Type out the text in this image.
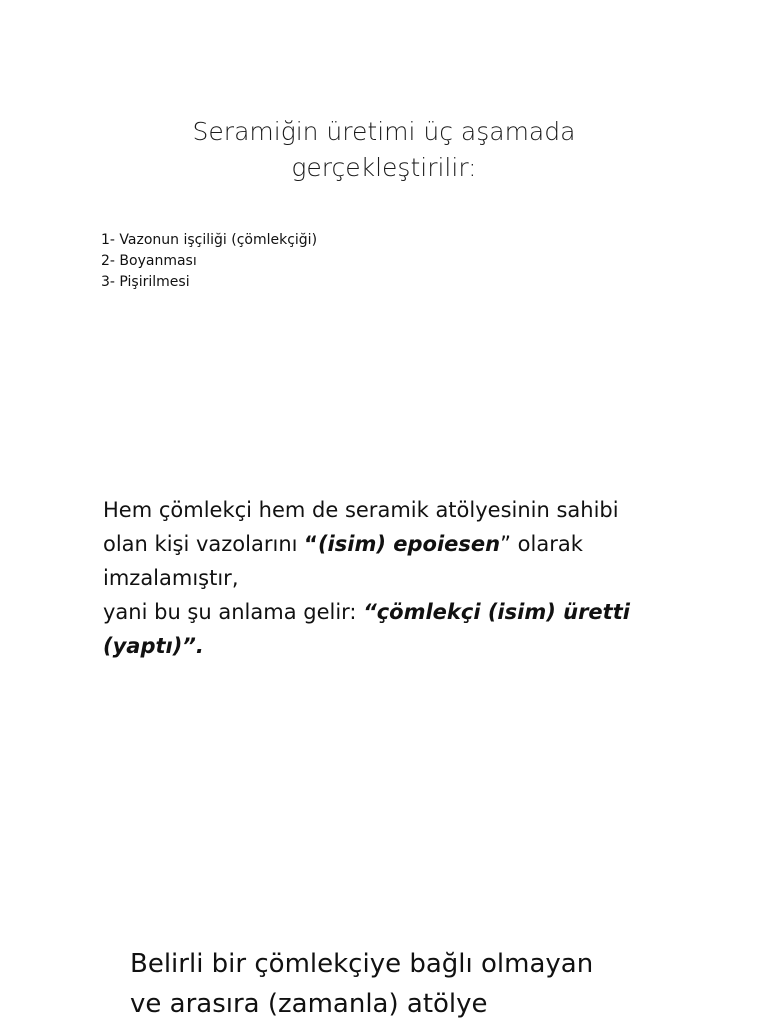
Seramiğin üretimi üç aşamada
gerçekleştirilir:
1- Vazonun işçiliği (çömlekçiği)
2- Boyanması
3- Pişirilmesi
Hem çömlekçi hem de seramik atölyesinin sahibi
olan kişi vazolarını “(isim) epoiesen” olarak
imzalamıştır,
yani bu şu anlama gelir: “çömlekçi (isim) üretti
(yaptı)”.
Belirli bir çömlekçiye bağlı olmayan
ve arasıra (zamanla) atölye
